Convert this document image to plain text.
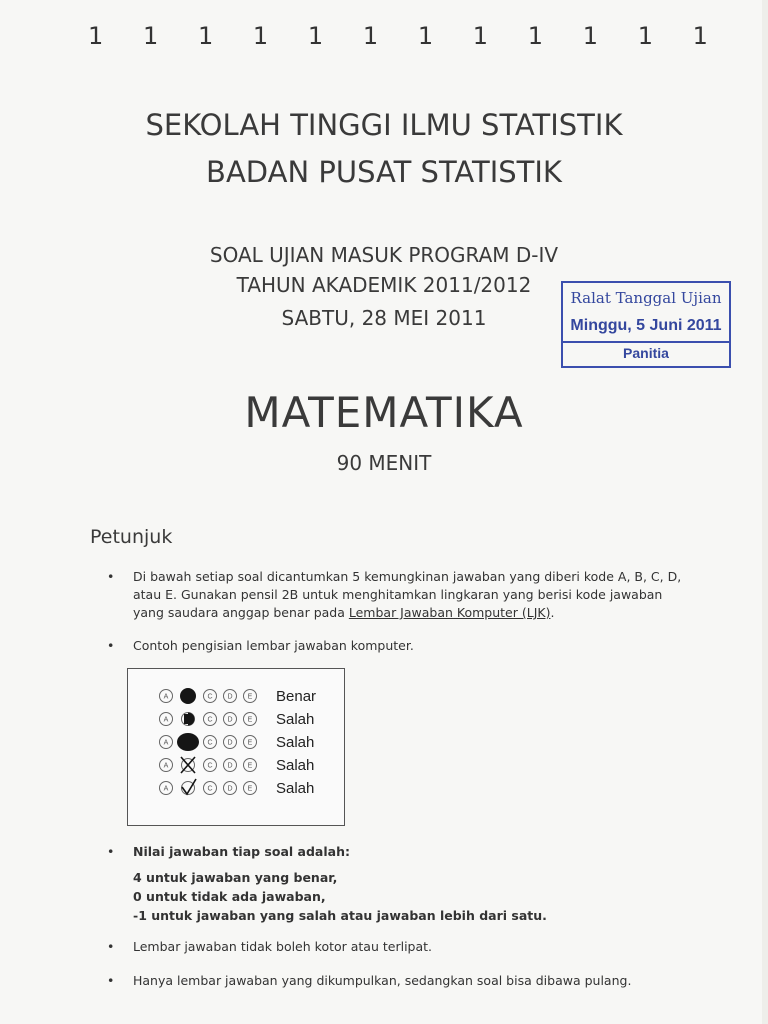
1 1 1 1 1 1 1 1 1 1 1 1
SEKOLAH TINGGI ILMU STATISTIK
BADAN PUSAT STATISTIK
SOAL UJIAN MASUK PROGRAM D-IV
TAHUN AKADEMIK 2011/2012
SABTU, 28 MEI 2011
Ralat Tanggal Ujian
Minggu, 5 Juni 2011
Panitia
MATEMATIKA
90 MENIT
Petunjuk
• Di bawah setiap soal dicantumkan 5 kemungkinan jawaban yang diberi kode A, B, C, D,
atau E. Gunakan pensil 2B untuk menghitamkan lingkaran yang berisi kode jawaban
yang saudara anggap benar pada Lembar Jawaban Komputer (LJK).
• Contoh pengisian lembar jawaban komputer.
A	C D E Benar
A	C D E Salah
A	C D E Salah
A	C D E Salah
A	C D E Salah
• Nilai jawaban tiap soal adalah:
4 untuk jawaban yang benar,
0 untuk tidak ada jawaban,
-1 untuk jawaban yang salah atau jawaban lebih dari satu.
• Lembar jawaban tidak boleh kotor atau terlipat.
• Hanya lembar jawaban yang dikumpulkan, sedangkan soal bisa dibawa pulang.
